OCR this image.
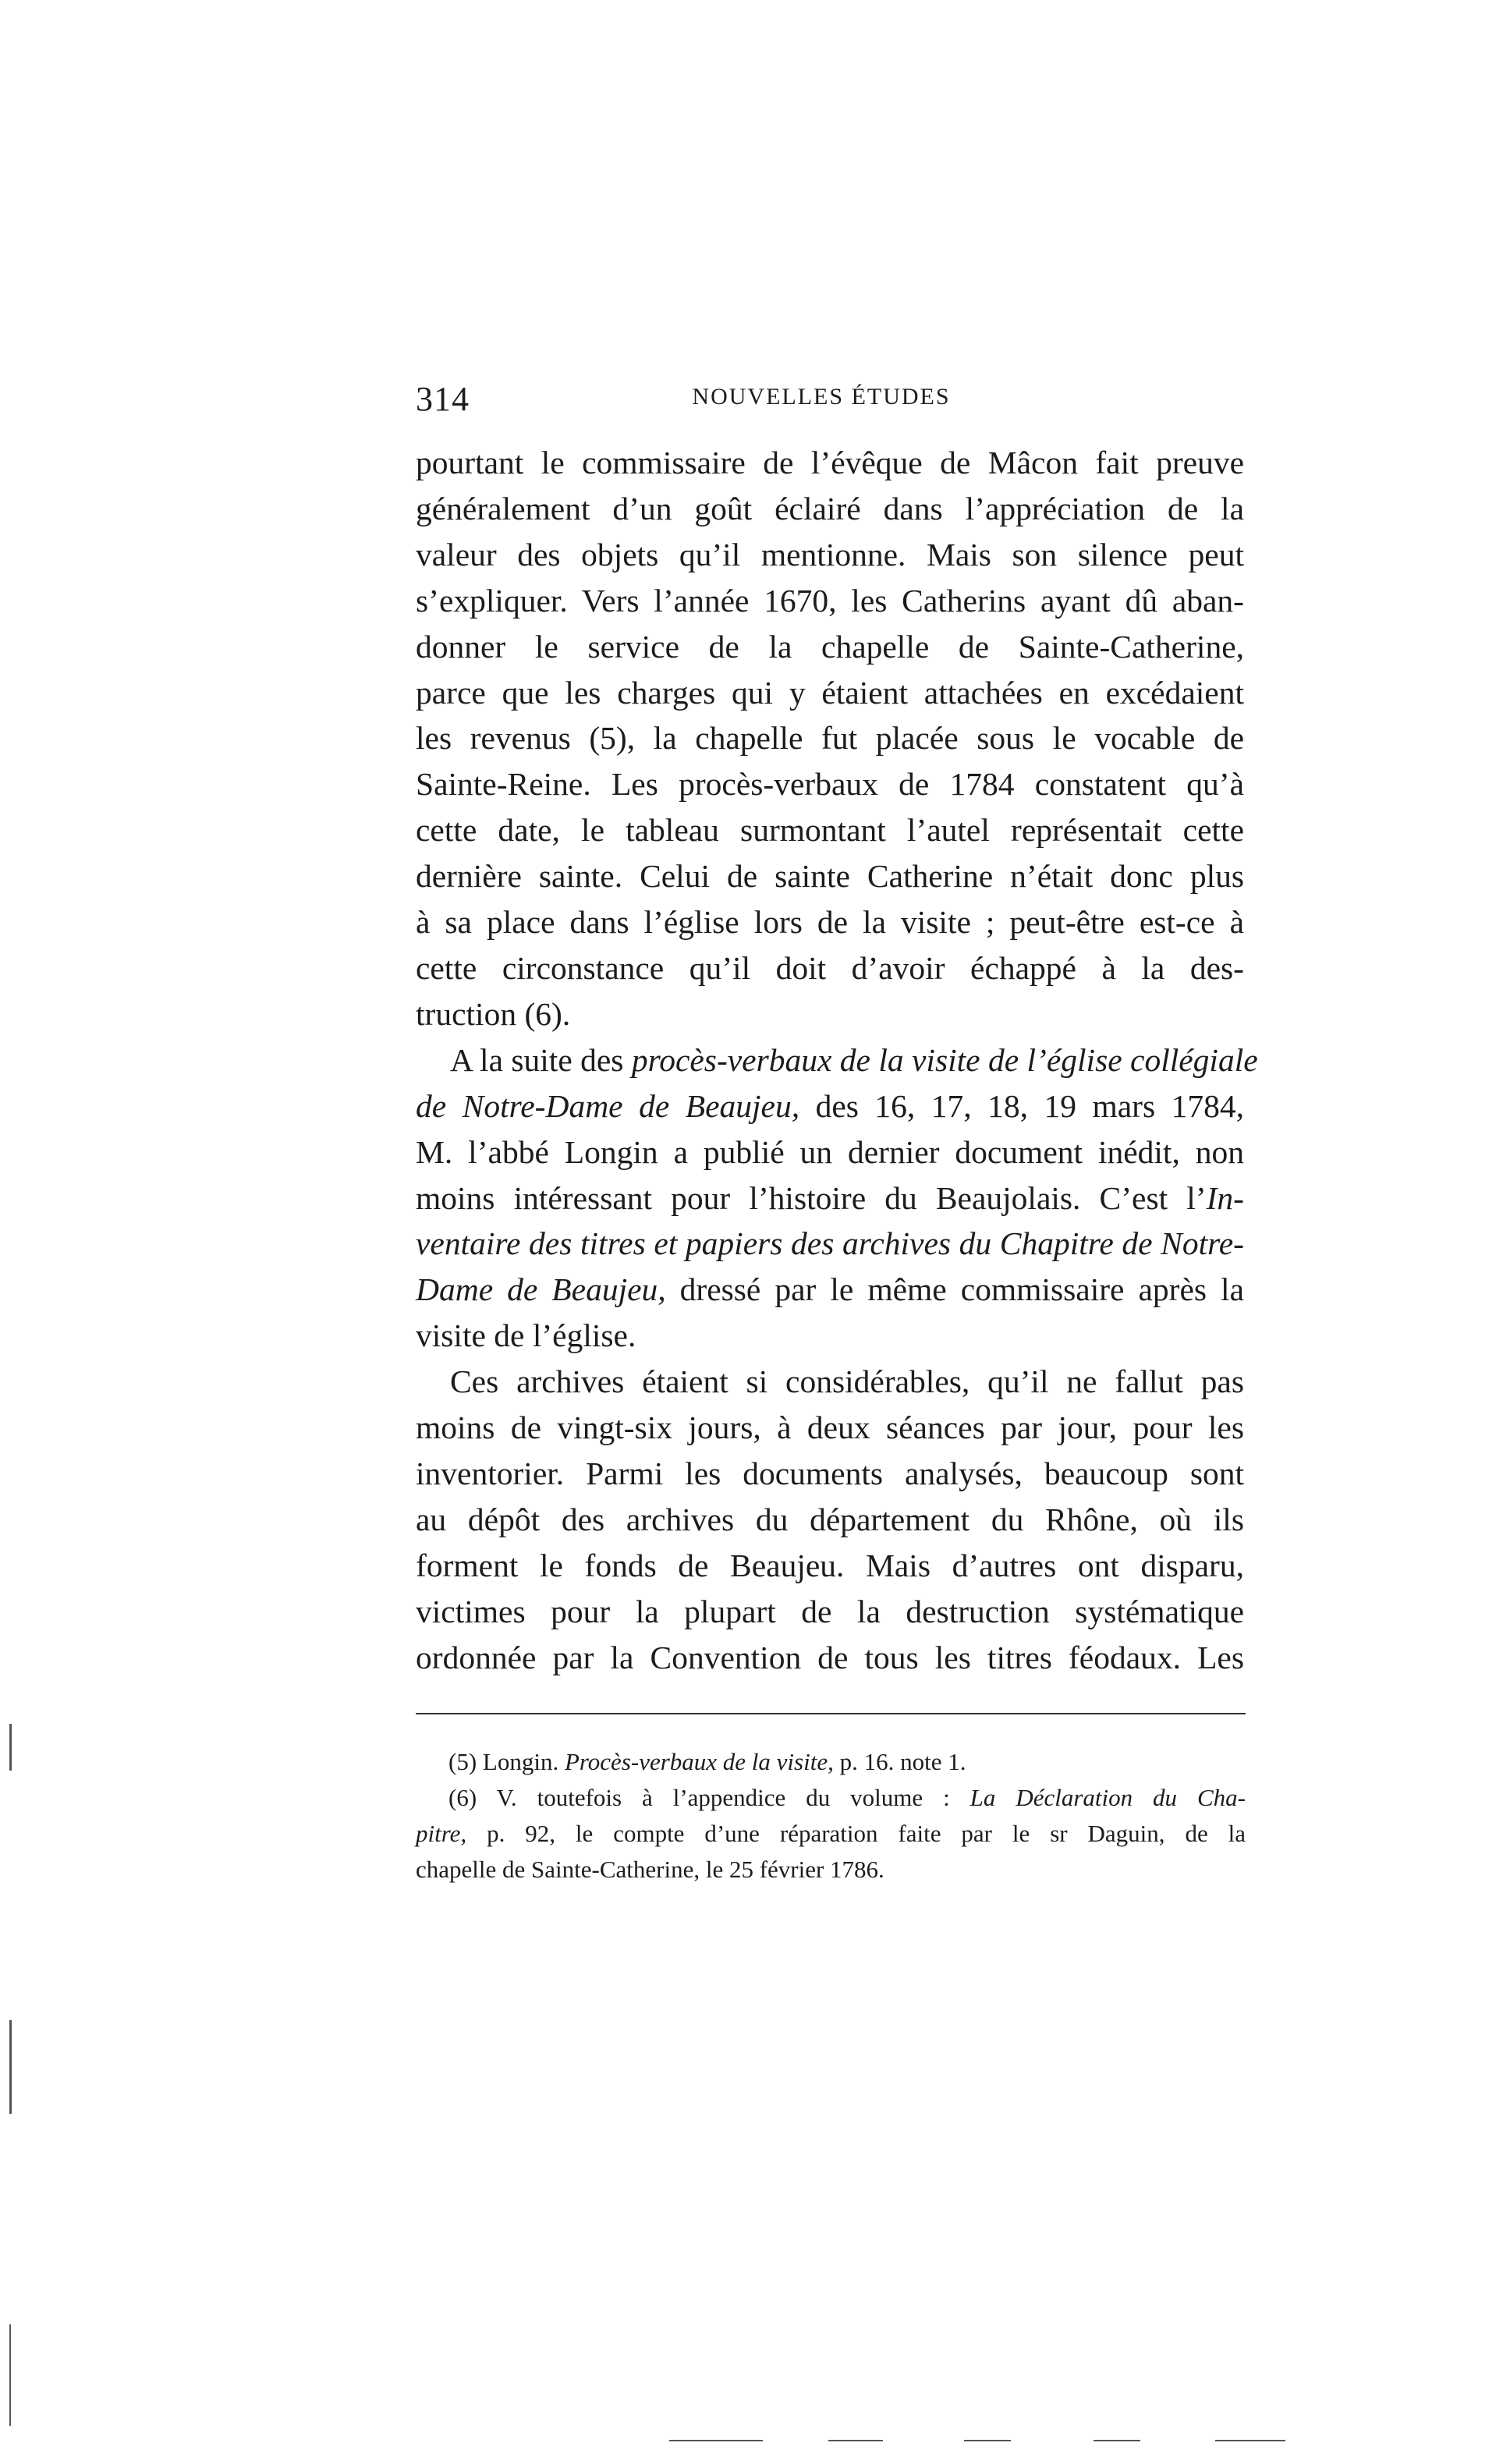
314	NOUVELLES ÉTUDES

pourtant le commissaire de l’évêque de Mâcon fait preuve
généralement d’un goût éclairé dans l’appréciation de la
valeur des objets qu’il mentionne. Mais son silence peut
s’expliquer. Vers l’année 1670, les Catherins ayant dû aban-
donner le service de la chapelle de Sainte-Catherine,
parce que les charges qui y étaient attachées en excédaient
les revenus (5), la chapelle fut placée sous le vocable de
Sainte-Reine. Les procès-verbaux de 1784 constatent qu’à
cette date, le tableau surmontant l’autel représentait cette
dernière sainte. Celui de sainte Catherine n’était donc plus
à sa place dans l’église lors de la visite ; peut-être est-ce à
cette circonstance qu’il doit d’avoir échappé à la des-
truction (6).

A la suite des procès-verbaux de la visite de l’église collégiale
de Notre-Dame de Beaujeu, des 16, 17, 18, 19 mars 1784,
M. l’abbé Longin a publié un dernier document inédit, non
moins intéressant pour l’histoire du Beaujolais. C’est l’In-
ventaire des titres et papiers des archives du Chapitre de Notre-
Dame de Beaujeu, dressé par le même commissaire après la
visite de l’église.

Ces archives étaient si considérables, qu’il ne fallut pas
moins de vingt-six jours, à deux séances par jour, pour les
inventorier. Parmi les documents analysés, beaucoup sont
au dépôt des archives du département du Rhône, où ils
forment le fonds de Beaujeu. Mais d’autres ont disparu,
victimes pour la plupart de la destruction systématique
ordonnée par la Convention de tous les titres féodaux. Les

(5) Longin. Procès-verbaux de la visite, p. 16. note 1.
(6) V. toutefois à l’appendice du volume : La Déclaration du Cha-
pitre, p. 92, le compte d’une réparation faite par le sr Daguin, de la
chapelle de Sainte-Catherine, le 25 février 1786.
